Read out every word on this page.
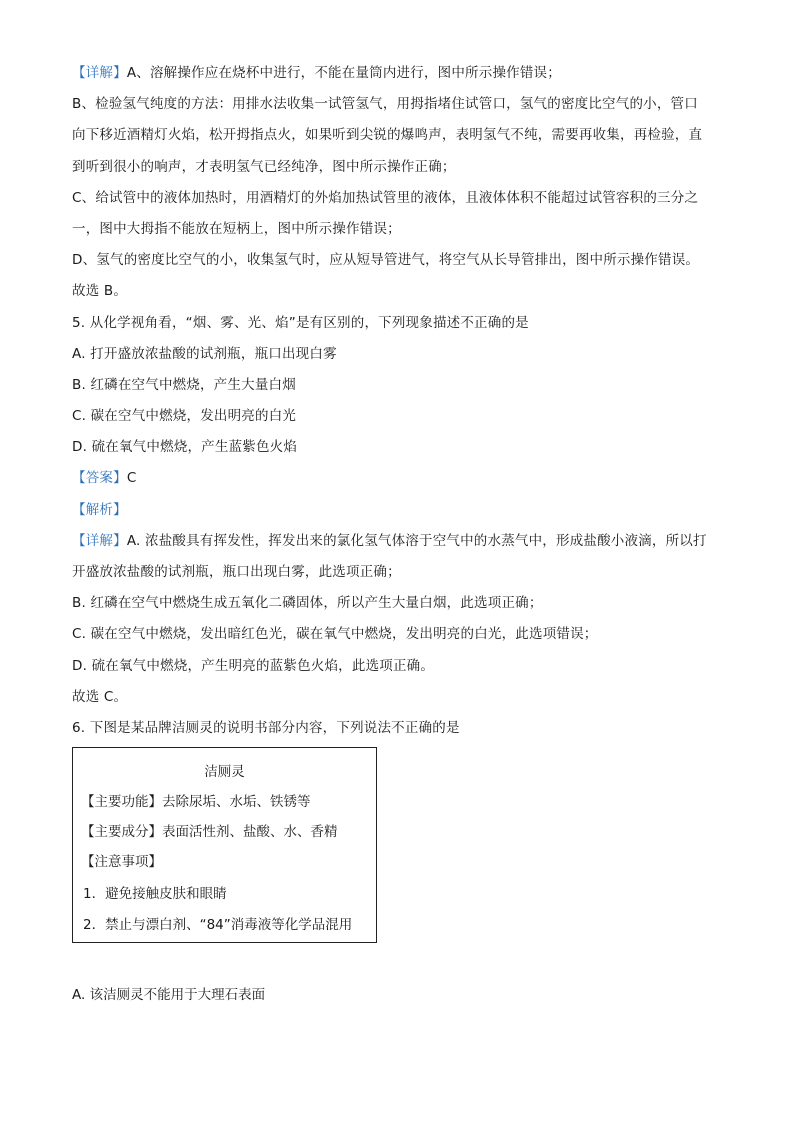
【详解】A、溶解操作应在烧杯中进行，不能在量筒内进行，图中所示操作错误；
B、检验氢气纯度的方法：用排水法收集一试管氢气，用拇指堵住试管口，氢气的密度比空气的小，管口
向下移近酒精灯火焰，松开拇指点火，如果听到尖锐的爆鸣声，表明氢气不纯，需要再收集，再检验，直
到听到很小的响声，才表明氢气已经纯净，图中所示操作正确；
C、给试管中的液体加热时，用酒精灯的外焰加热试管里的液体，且液体体积不能超过试管容积的三分之
一，图中大拇指不能放在短柄上，图中所示操作错误；
D、氢气的密度比空气的小，收集氢气时，应从短导管进气，将空气从长导管排出，图中所示操作错误。
故选 B。
5. 从化学视角看，“烟、雾、光、焰”是有区别的，下列现象描述不正确的是
A. 打开盛放浓盐酸的试剂瓶，瓶口出现白雾
B. 红磷在空气中燃烧，产生大量白烟
C. 碳在空气中燃烧，发出明亮的白光
D. 硫在氧气中燃烧，产生蓝紫色火焰
【答案】C
【解析】
【详解】A. 浓盐酸具有挥发性，挥发出来的氯化氢气体溶于空气中的水蒸气中，形成盐酸小液滴，所以打
开盛放浓盐酸的试剂瓶，瓶口出现白雾，此选项正确；
B. 红磷在空气中燃烧生成五氧化二磷固体，所以产生大量白烟，此选项正确；
C. 碳在空气中燃烧，发出暗红色光，碳在氧气中燃烧，发出明亮的白光，此选项错误；
D. 硫在氧气中燃烧，产生明亮的蓝紫色火焰，此选项正确。
故选 C。
6. 下图是某品牌洁厕灵的说明书部分内容，下列说法不正确的是
洁厕灵
【主要功能】去除尿垢、水垢、铁锈等
【主要成分】表面活性剂、盐酸、水、香精
【注意事项】
1．避免接触皮肤和眼睛
2．禁止与漂白剂、“84”消毒液等化学品混用
A. 该洁厕灵不能用于大理石表面
